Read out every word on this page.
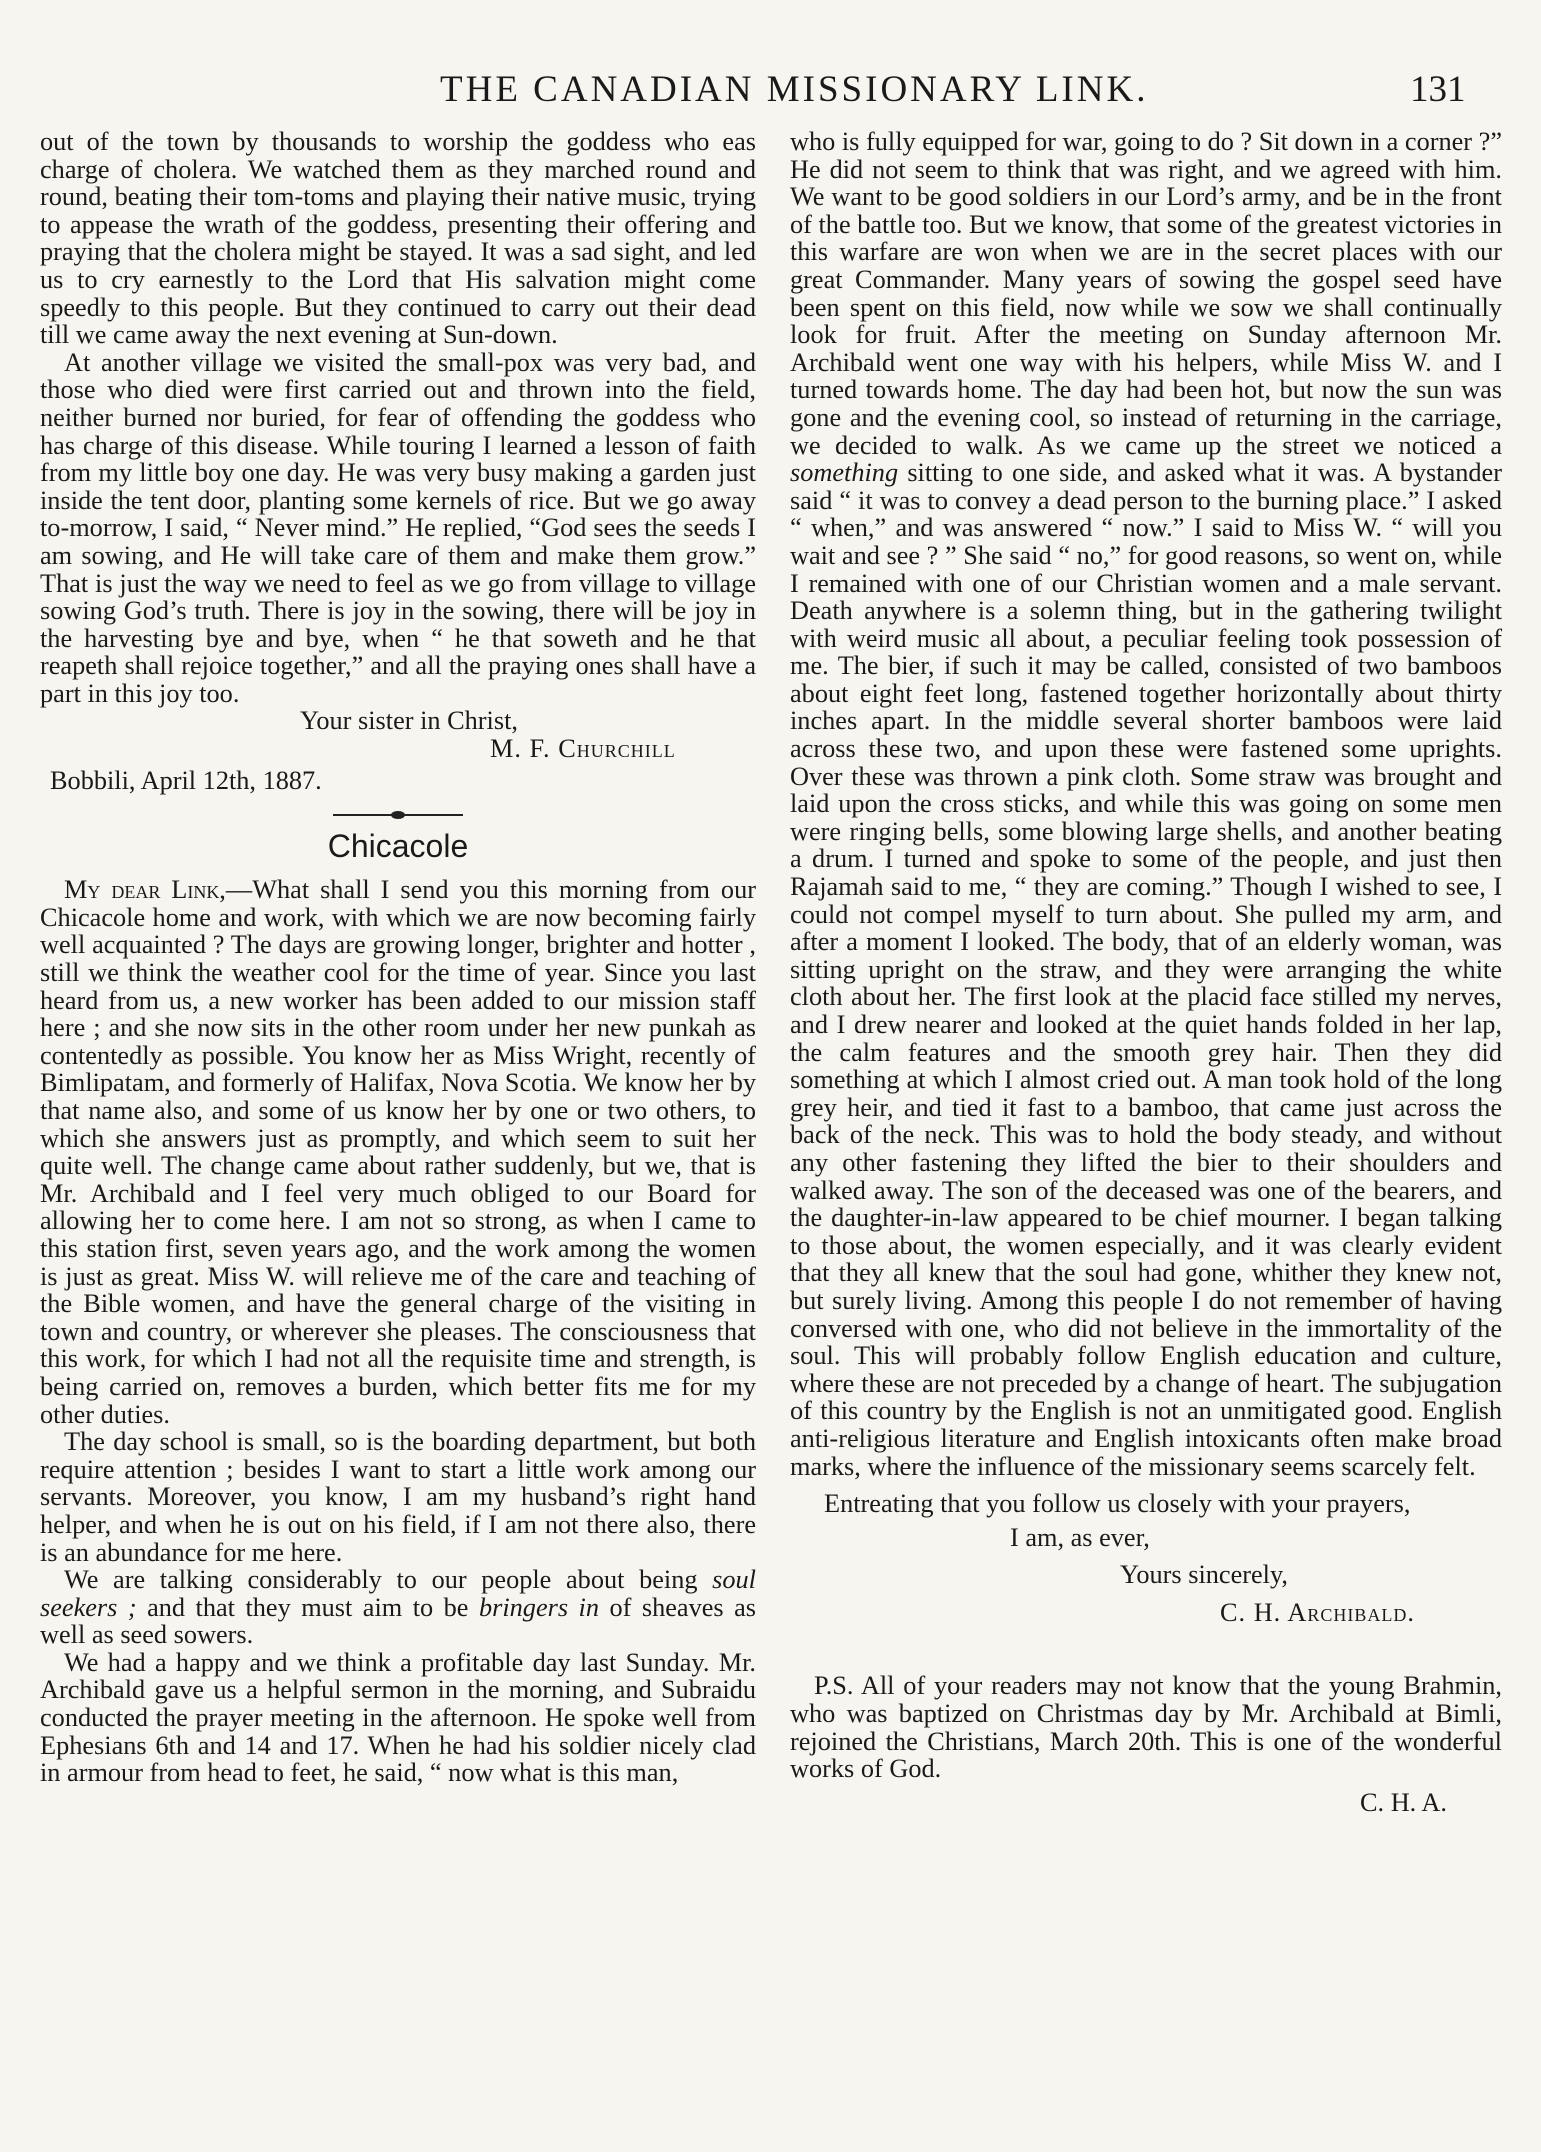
THE CANADIAN MISSIONARY LINK.	131

out of the town by thousands to worship the goddess who eas charge of cholera. We watched them as they marched round and round, beating their tom-toms and playing their native music, trying to appease the wrath of the goddess, presenting their offering and praying that the cholera might be stayed. It was a sad sight, and led us to cry earnestly to the Lord that His salvation might come speedly to this people. But they continued to carry out their dead till we came away the next evening at Sun-down.

At another village we visited the small-pox was very bad, and those who died were first carried out and thrown into the field, neither burned nor buried, for fear of offending the goddess who has charge of this disease. While touring I learned a lesson of faith from my little boy one day. He was very busy making a garden just inside the tent door, planting some kernels of rice. But we go away to-morrow, I said, “ Never mind.” He replied, “God sees the seeds I am sowing, and He will take care of them and make them grow.” That is just the way we need to feel as we go from village to village sowing God’s truth. There is joy in the sowing, there will be joy in the harvesting bye and bye, when “ he that soweth and he that reapeth shall rejoice together,” and all the praying ones shall have a part in this joy too.

Your sister in Christ,
M. F. Churchill
Bobbili, April 12th, 1887.
Chicacole

My dear Link,—What shall I send you this morning from our Chicacole home and work, with which we are now becoming fairly well acquainted ? The days are growing longer, brighter and hotter , still we think the weather cool for the time of year. Since you last heard from us, a new worker has been added to our mission staff here ; and she now sits in the other room under her new punkah as contentedly as possible. You know her as Miss Wright, recently of Bimlipatam, and formerly of Halifax, Nova Scotia. We know her by that name also, and some of us know her by one or two others, to which she answers just as promptly, and which seem to suit her quite well. The change came about rather suddenly, but we, that is Mr. Archibald and I feel very much obliged to our Board for allowing her to come here. I am not so strong, as when I came to this station first, seven years ago, and the work among the women is just as great. Miss W. will relieve me of the care and teaching of the Bible women, and have the general charge of the visiting in town and country, or wherever she pleases. The consciousness that this work, for which I had not all the requisite time and strength, is being carried on, removes a burden, which better fits me for my other duties.

The day school is small, so is the boarding department, but both require attention ; besides I want to start a little work among our servants. Moreover, you know, I am my husband’s right hand helper, and when he is out on his field, if I am not there also, there is an abundance for me here.

We are talking considerably to our people about being soul seekers ; and that they must aim to be bringers in of sheaves as well as seed sowers.

We had a happy and we think a profitable day last Sunday. Mr. Archibald gave us a helpful sermon in the morning, and Subraidu conducted the prayer meeting in the afternoon. He spoke well from Ephesians 6th and 14 and 17. When he had his soldier nicely clad in armour from head to feet, he said, “ now what is this man,

who is fully equipped for war, going to do ? Sit down in a corner ?” He did not seem to think that was right, and we agreed with him. We want to be good soldiers in our Lord’s army, and be in the front of the battle too. But we know, that some of the greatest victories in this warfare are won when we are in the secret places with our great Commander. Many years of sowing the gospel seed have been spent on this field, now while we sow we shall continually look for fruit. After the meeting on Sunday afternoon Mr. Archibald went one way with his helpers, while Miss W. and I turned towards home. The day had been hot, but now the sun was gone and the evening cool, so instead of returning in the carriage, we decided to walk. As we came up the street we noticed a something sitting to one side, and asked what it was. A bystander said “ it was to convey a dead person to the burning place.” I asked “ when,” and was answered “ now.” I said to Miss W. “ will you wait and see ? ” She said “ no,” for good reasons, so went on, while I remained with one of our Christian women and a male servant. Death anywhere is a solemn thing, but in the gathering twilight with weird music all about, a peculiar feeling took possession of me. The bier, if such it may be called, consisted of two bamboos about eight feet long, fastened together horizontally about thirty inches apart. In the middle several shorter bamboos were laid across these two, and upon these were fastened some uprights. Over these was thrown a pink cloth. Some straw was brought and laid upon the cross sticks, and while this was going on some men were ringing bells, some blowing large shells, and another beating a drum. I turned and spoke to some of the people, and just then Rajamah said to me, “ they are coming.” Though I wished to see, I could not compel myself to turn about. She pulled my arm, and after a moment I looked. The body, that of an elderly woman, was sitting upright on the straw, and they were arranging the white cloth about her. The first look at the placid face stilled my nerves, and I drew nearer and looked at the quiet hands folded in her lap, the calm features and the smooth grey hair. Then they did something at which I almost cried out. A man took hold of the long grey heir, and tied it fast to a bamboo, that came just across the back of the neck. This was to hold the body steady, and without any other fastening they lifted the bier to their shoulders and walked away. The son of the deceased was one of the bearers, and the daughter-in-law appeared to be chief mourner. I began talking to those about, the women especially, and it was clearly evident that they all knew that the soul had gone, whither they knew not, but surely living. Among this people I do not remember of having conversed with one, who did not believe in the immortality of the soul. This will probably follow English education and culture, where these are not preceded by a change of heart. The subjugation of this country by the English is not an unmitigated good. English anti-religious literature and English intoxicants often make broad marks, where the influence of the missionary seems scarcely felt.

Entreating that you follow us closely with your prayers,

I am, as ever,
Yours sincerely,
C. H. Archibald.

P.S. All of your readers may not know that the young Brahmin, who was baptized on Christmas day by Mr. Archibald at Bimli, rejoined the Christians, March 20th. This is one of the wonderful works of God.

C. H. A.
